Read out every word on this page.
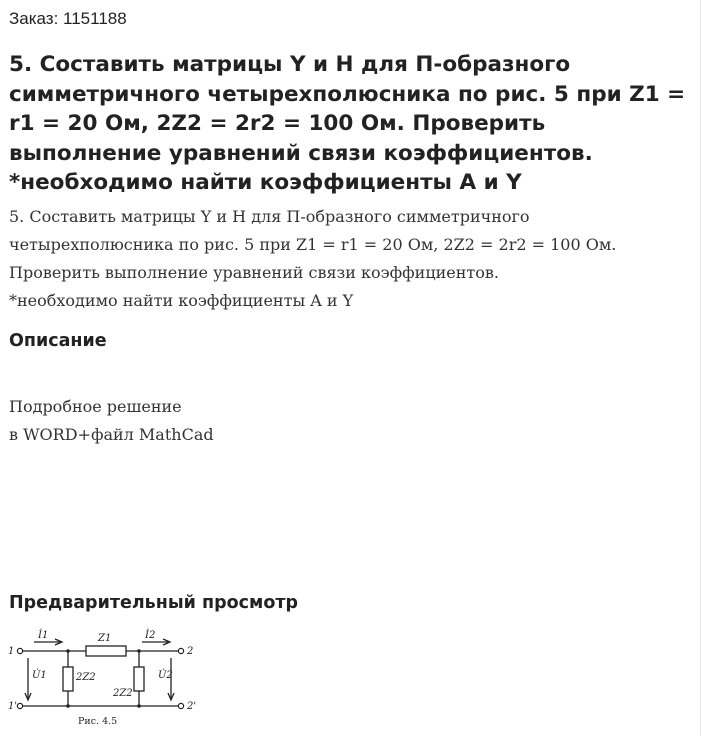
Заказ: 1151188
5. Составить матрицы Y и H для П-образного симметричного четырехполюсника по рис. 5 при Z1 = r1 = 20 Ом, 2Z2 = 2r2 = 100 Ом. Проверить выполнение уравнений связи коэффициентов. *необходимо найти коэффициенты A и Y
5. Составить матрицы Y и H для П-образного симметричного
четырехполюсника по рис. 5 при Z1 = r1 = 20 Ом, 2Z2 = 2r2 = 100 Ом.
Проверить выполнение уравнений связи коэффициентов.
*необходимо найти коэффициенты A и Y
Описание
Подробное решение
в WORD+файл MathCad
Предварительный просмотр
1
1'
2
2'
İ1	İ2
Z1
2Z2
2Z2
U̇1	U̇2
Рис. 4.5
